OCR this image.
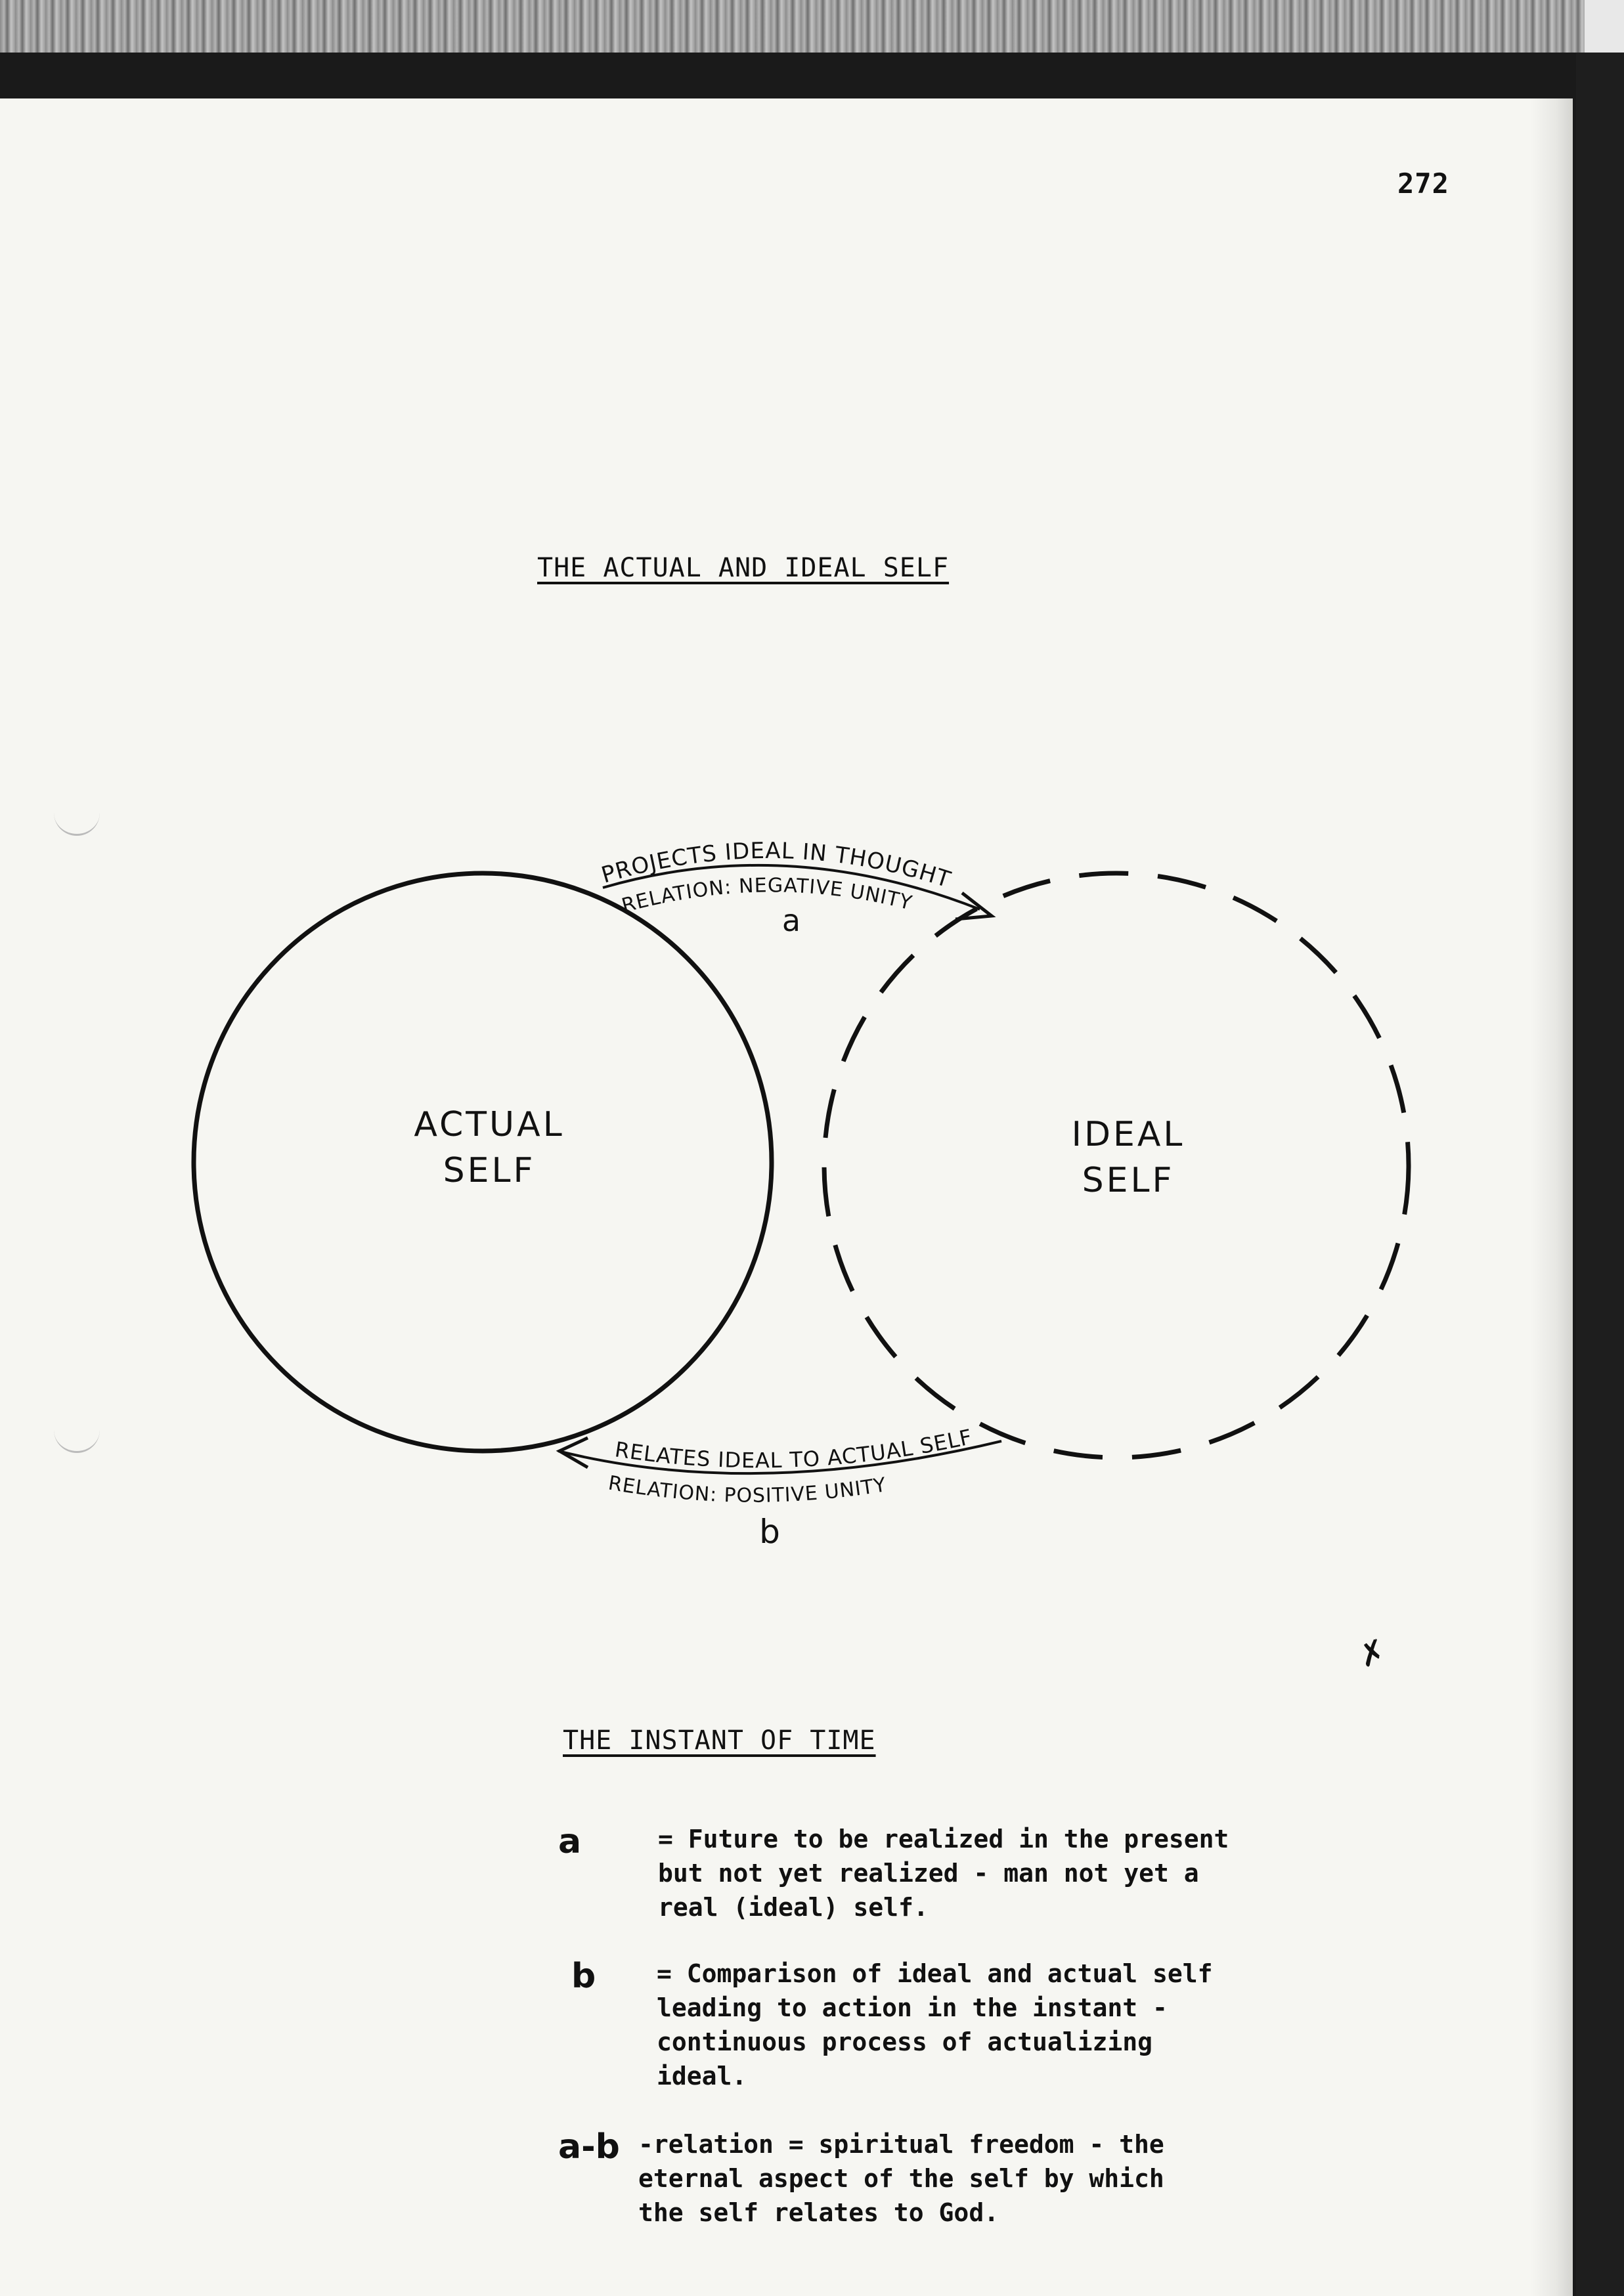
272
THE ACTUAL AND IDEAL SELF
ACTUAL
SELF
IDEAL
SELF
PROJECTS IDEAL IN THOUGHT
RELATION: NEGATIVE UNITY
a
RELATES IDEAL TO ACTUAL SELF
RELATION: POSITIVE UNITY
b
✗
THE INSTANT OF TIME
a	= Future to be realized in the present
but not yet realized - man not yet a
real (ideal) self.
b = Comparison of ideal and actual self
leading to action in the instant -
continuous process of actualizing
ideal.
a-b -relation = spiritual freedom - the
eternal aspect of the self by which
the self relates to God.
